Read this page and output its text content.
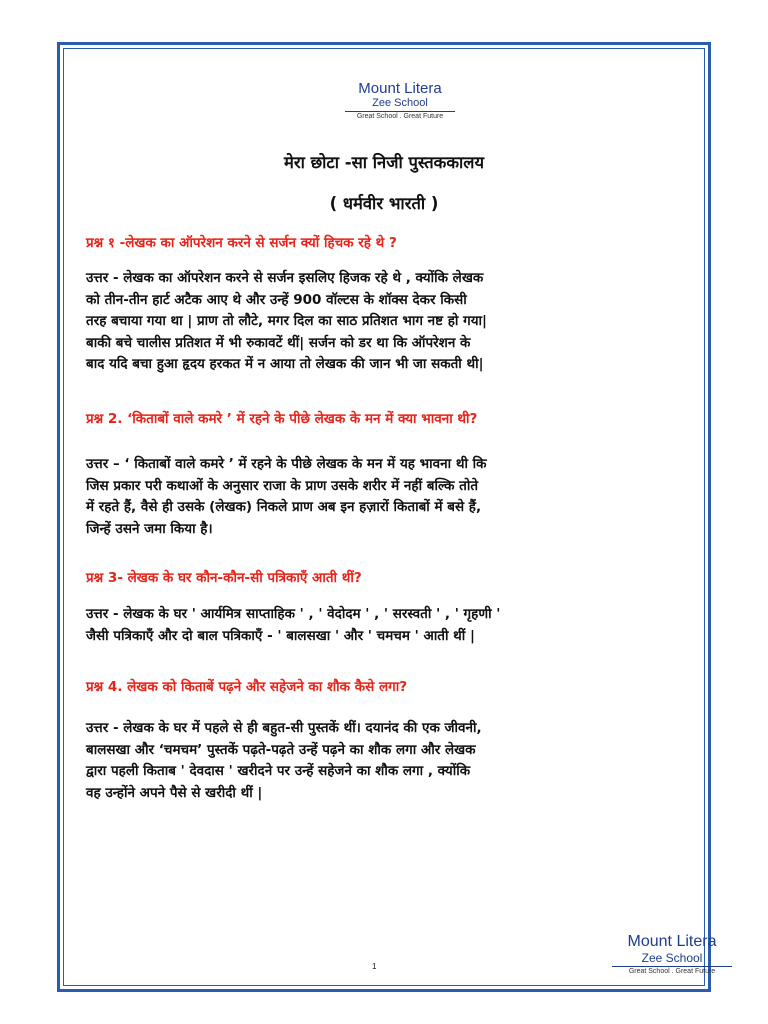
Mount Litera
Zee School
Great School . Great Future
मेरा छोटा -सा निजी पुस्तककालय
( धर्मवीर भारती )
प्रश्न १ -लेखक का ऑपरेशन करने से सर्जन क्यों हिचक रहे थे ?
उत्तर - लेखक का ऑपरेशन करने से सर्जन इसलिए हिजक रहे थे , क्योंकि लेखक
को तीन-तीन हार्ट अटैक आए थे और उन्हें 900 वॉल्टस के शॉक्स देकर किसी
तरह बचाया गया था | प्राण तो लौटे, मगर दिल का साठ प्रतिशत भाग नष्ट हो गया|
बाकी बचे चालीस प्रतिशत में भी रुकावटें थीं| सर्जन को डर था कि ऑपरेशन के
बाद यदि बचा हुआ हृदय हरकत में न आया तो लेखक की जान भी जा सकती थी|
प्रश्न 2. ‘किताबों वाले कमरे ’ में रहने के पीछे लेखक के मन में क्या भावना थी?
उत्तर – ‘ किताबों वाले कमरे ’ में रहने के पीछे लेखक के मन में यह भावना थी कि
जिस प्रकार परी कथाओं के अनुसार राजा के प्राण उसके शरीर में नहीं बल्कि तोते
में रहते हैं, वैसे ही उसके (लेखक) निकले प्राण अब इन हज़ारों किताबों में बसे हैं,
जिन्हें उसने जमा किया है।
प्रश्न 3- लेखक के घर कौन-कौन-सी पत्रिकाएँ आती थीं?
उत्तर - लेखक के घर ' आर्यमित्र साप्ताहिक ' , ' वेदोदम ' , ' सरस्वती ' , ' गृहणी '
जैसी पत्रिकाएँ और दो बाल पत्रिकाएँ - ' बालसखा ' और ' चमचम ' आती थीं |
प्रश्न 4. लेखक को किताबें पढ़ने और सहेजने का शौक कैसे लगा?
उत्तर - लेखक के घर में पहले से ही बहुत-सी पुस्तकें थीं। दयानंद की एक जीवनी,
बालसखा और ‘चमचम’ पुस्तकें पढ़ते-पढ़ते उन्हें पढ़ने का शौक लगा और लेखक
द्वारा पहली किताब ' देवदास ' खरीदने पर उन्हें सहेजने का शौक लगा , क्योंकि
वह उन्होंने अपने पैसे से खरीदी थीं |
1
Mount Litera
Zee School
Great School . Great Future
